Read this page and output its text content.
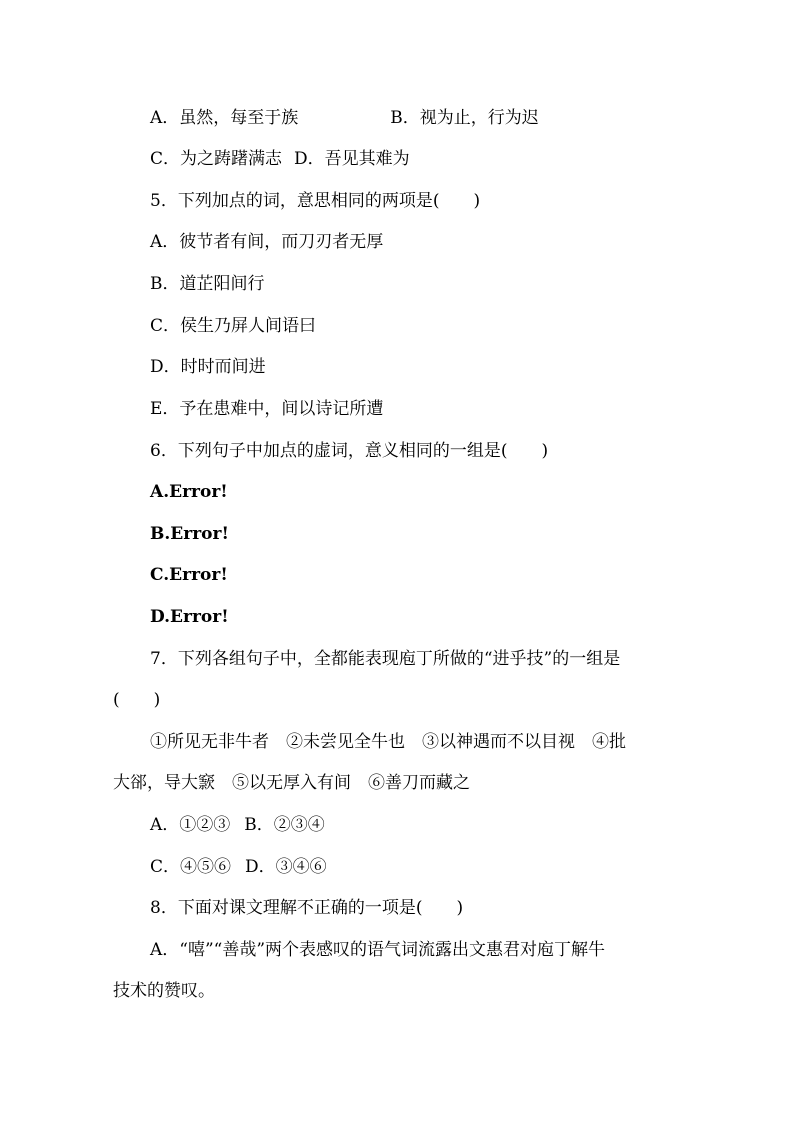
A．虽然，每至于族	B．视为止，行为迟
C．为之踌躇满志 D．吾见其难为
5．下列加点的词，意思相同的两项是(　　)
A．彼节者有间，而刀刃者无厚
B．道芷阳间行
C．侯生乃屏人间语曰
D．时时而间进
E．予在患难中，间以诗记所遭
6．下列句子中加点的虚词，意义相同的一组是(　　)
A.Error!
B.Error!
C.Error!
D.Error!
7．下列各组句子中，全都能表现庖丁所做的“进乎技”的一组是
(　　)
①所见无非牛者　②未尝见全牛也　③以神遇而不以目视　④批
大郤，导大窾　⑤以无厚入有间　⑥善刀而藏之
A．①②③ B．②③④
C．④⑤⑥ D．③④⑥
8．下面对课文理解不正确的一项是(　　)
A．“嘻”“善哉”两个表感叹的语气词流露出文惠君对庖丁解牛
技术的赞叹。
